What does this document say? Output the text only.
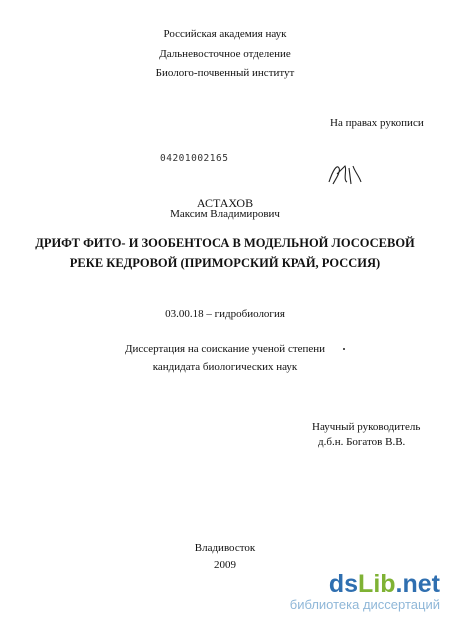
Российская академия наук
Дальневосточное отделение
Биолого-почвенный институт
На правах рукописи
04201002165
АСТАХОВ
Максим Владимирович
ДРИФТ ФИТО- И ЗООБЕНТОСА В МОДЕЛЬНОЙ ЛОСОСЕВОЙ
РЕКЕ КЕДРОВОЙ (ПРИМОРСКИЙ КРАЙ, РОССИЯ)
03.00.18 – гидробиология
Диссертация на соискание ученой степени
кандидата биологических наук
Научный руководитель
д.б.н. Богатов В.В.
Владивосток
2009
dsLib.net
библиотека диссертаций
